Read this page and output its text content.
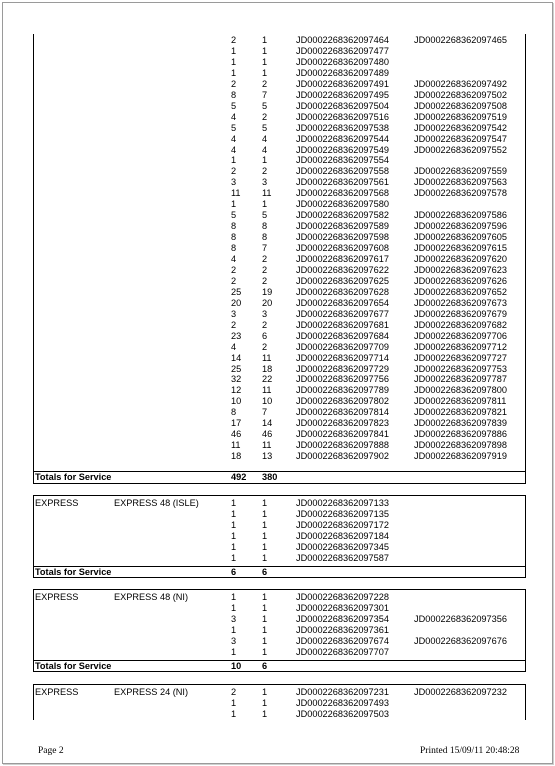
2	1	JD0002268362097464	JD0002268362097465
1	1	JD0002268362097477
1	1	JD0002268362097480
1	1	JD0002268362097489
2	2	JD0002268362097491	JD0002268362097492
8	7	JD0002268362097495	JD0002268362097502
5	5	JD0002268362097504	JD0002268362097508
4	2	JD0002268362097516	JD0002268362097519
5	5	JD0002268362097538	JD0002268362097542
4	4	JD0002268362097544	JD0002268362097547
4	4	JD0002268362097549	JD0002268362097552
1	1	JD0002268362097554
2	2	JD0002268362097558	JD0002268362097559
3	3	JD0002268362097561	JD0002268362097563
11 11	JD0002268362097568	JD0002268362097578
1	1	JD0002268362097580
5	5	JD0002268362097582	JD0002268362097586
8	8	JD0002268362097589	JD0002268362097596
8	8	JD0002268362097598	JD0002268362097605
8	7	JD0002268362097608	JD0002268362097615
4	2	JD0002268362097617	JD0002268362097620
2	2	JD0002268362097622	JD0002268362097623
2	2	JD0002268362097625	JD0002268362097626
25 19	JD0002268362097628	JD0002268362097652
20 20	JD0002268362097654	JD0002268362097673
3	3	JD0002268362097677	JD0002268362097679
2	2	JD0002268362097681	JD0002268362097682
23 6	JD0002268362097684	JD0002268362097706
4	2	JD0002268362097709	JD0002268362097712
14 11	JD0002268362097714	JD0002268362097727
25 18	JD0002268362097729	JD0002268362097753
32 22	JD0002268362097756	JD0002268362097787
12 11	JD0002268362097789	JD0002268362097800
10 10	JD0002268362097802	JD0002268362097811
8	7	JD0002268362097814	JD0002268362097821
17 14	JD0002268362097823	JD0002268362097839
46 46	JD0002268362097841	JD0002268362097886
11 11	JD0002268362097888	JD0002268362097898
18 13	JD0002268362097902	JD0002268362097919
Totals for Service	492 380
EXPRESS	EXPRESS 48 (ISLE)	1	1	JD0002268362097133
1	1	JD0002268362097135
1	1	JD0002268362097172
1	1	JD0002268362097184
1	1	JD0002268362097345
1	1	JD0002268362097587
Totals for Service	6	6
EXPRESS	EXPRESS 48 (NI)	1	1	JD0002268362097228
1	1	JD0002268362097301
3	1	JD0002268362097354	JD0002268362097356
1	1	JD0002268362097361
3	1	JD0002268362097674	JD0002268362097676
1	1	JD0002268362097707
Totals for Service	10 6
EXPRESS	EXPRESS 24 (NI)	2	1	JD0002268362097231	JD0002268362097232
1	1	JD0002268362097493
1	1	JD0002268362097503
Page 2	Printed 15/09/11 20:48:28
